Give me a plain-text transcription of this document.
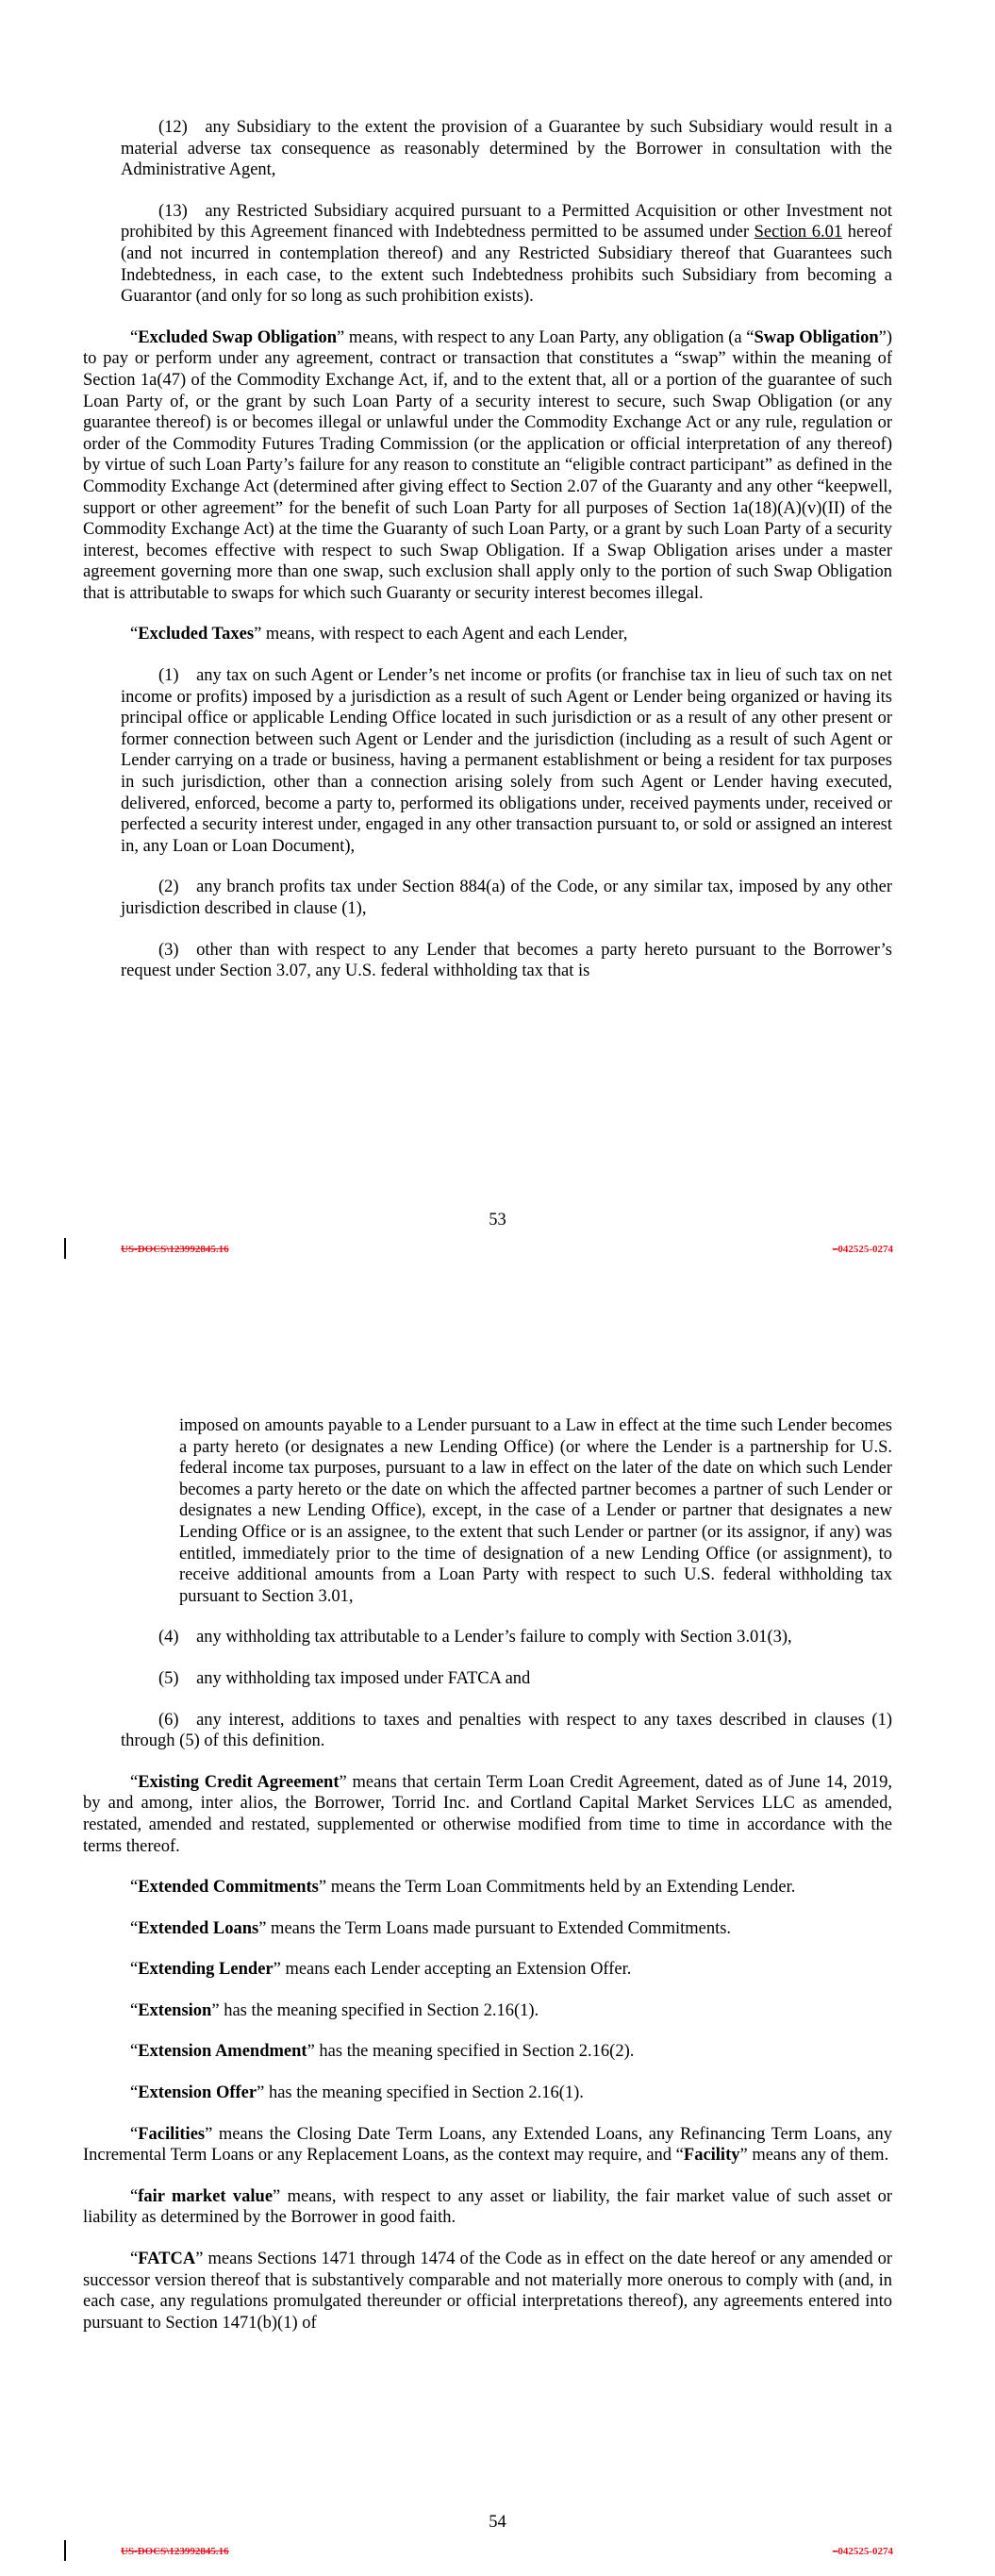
(12) any Subsidiary to the extent the provision of a Guarantee by such Subsidiary would result in a material adverse tax consequence as reasonably determined by the Borrower in consultation with the Administrative Agent,

(13) any Restricted Subsidiary acquired pursuant to a Permitted Acquisition or other Investment not prohibited by this Agreement financed with Indebtedness permitted to be assumed under Section 6.01 hereof (and not incurred in contemplation thereof) and any Restricted Subsidiary thereof that Guarantees such Indebtedness, in each case, to the extent such Indebtedness prohibits such Subsidiary from becoming a Guarantor (and only for so long as such prohibition exists).

“Excluded Swap Obligation” means, with respect to any Loan Party, any obligation (a “Swap Obligation”) to pay or perform under any agreement, contract or transaction that constitutes a “swap” within the meaning of Section 1a(47) of the Commodity Exchange Act, if, and to the extent that, all or a portion of the guarantee of such Loan Party of, or the grant by such Loan Party of a security interest to secure, such Swap Obligation (or any guarantee thereof) is or becomes illegal or unlawful under the Commodity Exchange Act or any rule, regulation or order of the Commodity Futures Trading Commission (or the application or official interpretation of any thereof) by virtue of such Loan Party’s failure for any reason to constitute an “eligible contract participant” as defined in the Commodity Exchange Act (determined after giving effect to Section 2.07 of the Guaranty and any other “keepwell, support or other agreement” for the benefit of such Loan Party for all purposes of Section 1a(18)(A)(v)(II) of the Commodity Exchange Act) at the time the Guaranty of such Loan Party, or a grant by such Loan Party of a security interest, becomes effective with respect to such Swap Obligation. If a Swap Obligation arises under a master agreement governing more than one swap, such exclusion shall apply only to the portion of such Swap Obligation that is attributable to swaps for which such Guaranty or security interest becomes illegal.

“Excluded Taxes” means, with respect to each Agent and each Lender,

(1) any tax on such Agent or Lender’s net income or profits (or franchise tax in lieu of such tax on net income or profits) imposed by a jurisdiction as a result of such Agent or Lender being organized or having its principal office or applicable Lending Office located in such jurisdiction or as a result of any other present or former connection between such Agent or Lender and the jurisdiction (including as a result of such Agent or Lender carrying on a trade or business, having a permanent establishment or being a resident for tax purposes in such jurisdiction, other than a connection arising solely from such Agent or Lender having executed, delivered, enforced, become a party to, performed its obligations under, received payments under, received or perfected a security interest under, engaged in any other transaction pursuant to, or sold or assigned an interest in, any Loan or Loan Document),

(2) any branch profits tax under Section 884(a) of the Code, or any similar tax, imposed by any other jurisdiction described in clause (1),

(3) other than with respect to any Lender that becomes a party hereto pursuant to the Borrower’s request under Section 3.07, any U.S. federal withholding tax that is

53
US-DOCS\123992845.16	–042525-0274

imposed on amounts payable to a Lender pursuant to a Law in effect at the time such Lender becomes a party hereto (or designates a new Lending Office) (or where the Lender is a partnership for U.S. federal income tax purposes, pursuant to a law in effect on the later of the date on which such Lender becomes a party hereto or the date on which the affected partner becomes a partner of such Lender or designates a new Lending Office), except, in the case of a Lender or partner that designates a new Lending Office or is an assignee, to the extent that such Lender or partner (or its assignor, if any) was entitled, immediately prior to the time of designation of a new Lending Office (or assignment), to receive additional amounts from a Loan Party with respect to such U.S. federal withholding tax pursuant to Section 3.01,

(4) any withholding tax attributable to a Lender’s failure to comply with Section 3.01(3),

(5) any withholding tax imposed under FATCA and

(6) any interest, additions to taxes and penalties with respect to any taxes described in clauses (1) through (5) of this definition.

“Existing Credit Agreement” means that certain Term Loan Credit Agreement, dated as of June 14, 2019, by and among, inter alios, the Borrower, Torrid Inc. and Cortland Capital Market Services LLC as amended, restated, amended and restated, supplemented or otherwise modified from time to time in accordance with the terms thereof.

“Extended Commitments” means the Term Loan Commitments held by an Extending Lender.

“Extended Loans” means the Term Loans made pursuant to Extended Commitments.

“Extending Lender” means each Lender accepting an Extension Offer.

“Extension” has the meaning specified in Section 2.16(1).

“Extension Amendment” has the meaning specified in Section 2.16(2).

“Extension Offer” has the meaning specified in Section 2.16(1).

“Facilities” means the Closing Date Term Loans, any Extended Loans, any Refinancing Term Loans, any Incremental Term Loans or any Replacement Loans, as the context may require, and “Facility” means any of them.

“fair market value” means, with respect to any asset or liability, the fair market value of such asset or liability as determined by the Borrower in good faith.

“FATCA” means Sections 1471 through 1474 of the Code as in effect on the date hereof or any amended or successor version thereof that is substantively comparable and not materially more onerous to comply with (and, in each case, any regulations promulgated thereunder or official interpretations thereof), any agreements entered into pursuant to Section 1471(b)(1) of

54
US-DOCS\123992845.16	–042525-0274
